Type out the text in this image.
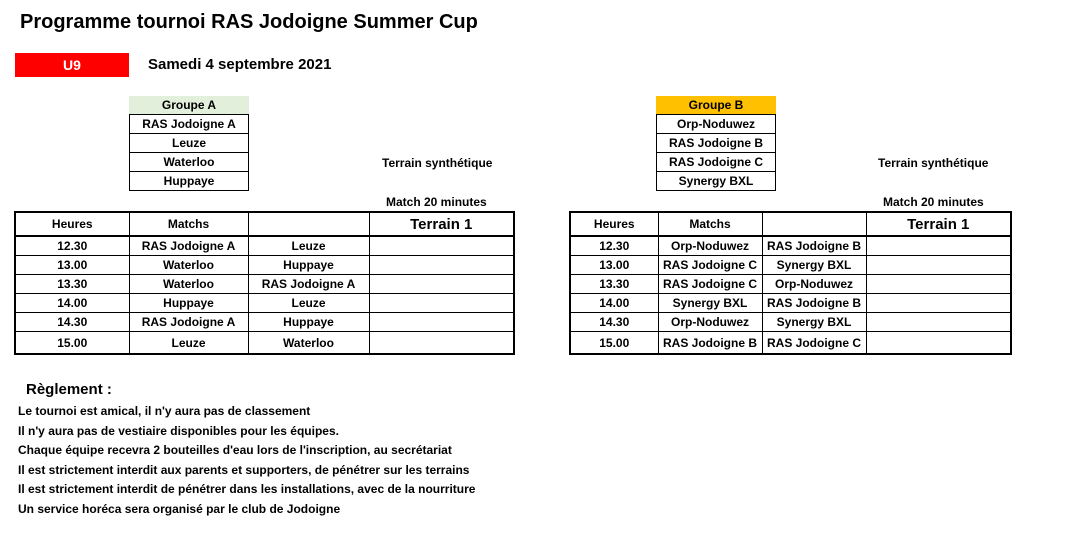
Programme tournoi RAS Jodoigne Summer Cup
U9	Samedi 4 septembre 2021
Groupe A
RAS Jodoigne A
Leuze
Waterloo
Huppaye
Groupe B
Orp-Noduwez
RAS Jodoigne B
RAS Jodoigne C
Synergy BXL
Terrain synthétique	Terrain synthétique
Match 20 minutes	Match 20 minutes
Heures	Matchs		Terrain 1
12.30	RAS Jodoigne A	Leuze	
13.00	Waterloo	Huppaye	
13.30	Waterloo	RAS Jodoigne A	
14.00	Huppaye	Leuze	
14.30	RAS Jodoigne A	Huppaye	
15.00	Leuze	Waterloo	
Heures	Matchs		Terrain 1
12.30	Orp-Noduwez	RAS Jodoigne B	
13.00	RAS Jodoigne C	Synergy BXL	
13.30	RAS Jodoigne C	Orp-Noduwez	
14.00	Synergy BXL	RAS Jodoigne B	
14.30	Orp-Noduwez	Synergy BXL	
15.00	RAS Jodoigne B	RAS Jodoigne C	
Règlement :
Le tournoi est amical, il n'y aura pas de classement
Il n'y aura pas de vestiaire disponibles pour les équipes.
Chaque équipe recevra 2 bouteilles d'eau lors de l'inscription, au secrétariat
Il est strictement interdit aux parents et supporters, de pénétrer sur les terrains
Il est strictement interdit de pénétrer dans les installations, avec de la nourriture
Un service horéca sera organisé par le club de Jodoigne
